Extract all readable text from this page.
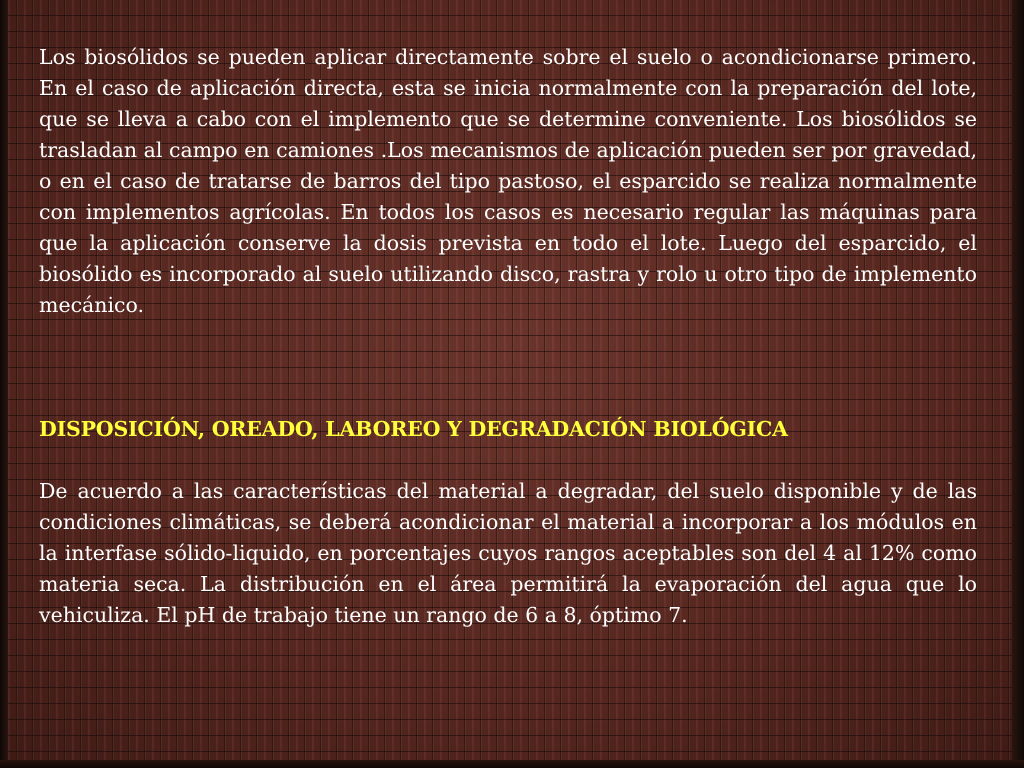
Los biosólidos se pueden aplicar directamente sobre el suelo o acondicionarse primero. En el caso de aplicación directa, esta se inicia normalmente con la preparación del lote, que se lleva a cabo con el implemento que se determine conveniente. Los biosólidos se trasladan al campo en camiones .Los mecanismos de aplicación pueden ser por gravedad, o en el caso de tratarse de barros del tipo pastoso, el esparcido se realiza normalmente con implementos agrícolas. En todos los casos es necesario regular las máquinas para que la aplicación conserve la dosis prevista en todo el lote. Luego del esparcido, el biosólido es incorporado al suelo utilizando disco, rastra y rolo u otro tipo de implemento mecánico.

DISPOSICIÓN, OREADO, LABOREO Y DEGRADACIÓN BIOLÓGICA

De acuerdo a las características del material a degradar, del suelo disponible y de las condiciones climáticas, se deberá acondicionar el material a incorporar a los módulos en la interfase sólido-liquido, en porcentajes cuyos rangos aceptables son del 4 al 12% como materia seca. La distribución en el área permitirá la evaporación del agua que lo vehiculiza. El pH de trabajo tiene un rango de 6 a 8, óptimo 7.
